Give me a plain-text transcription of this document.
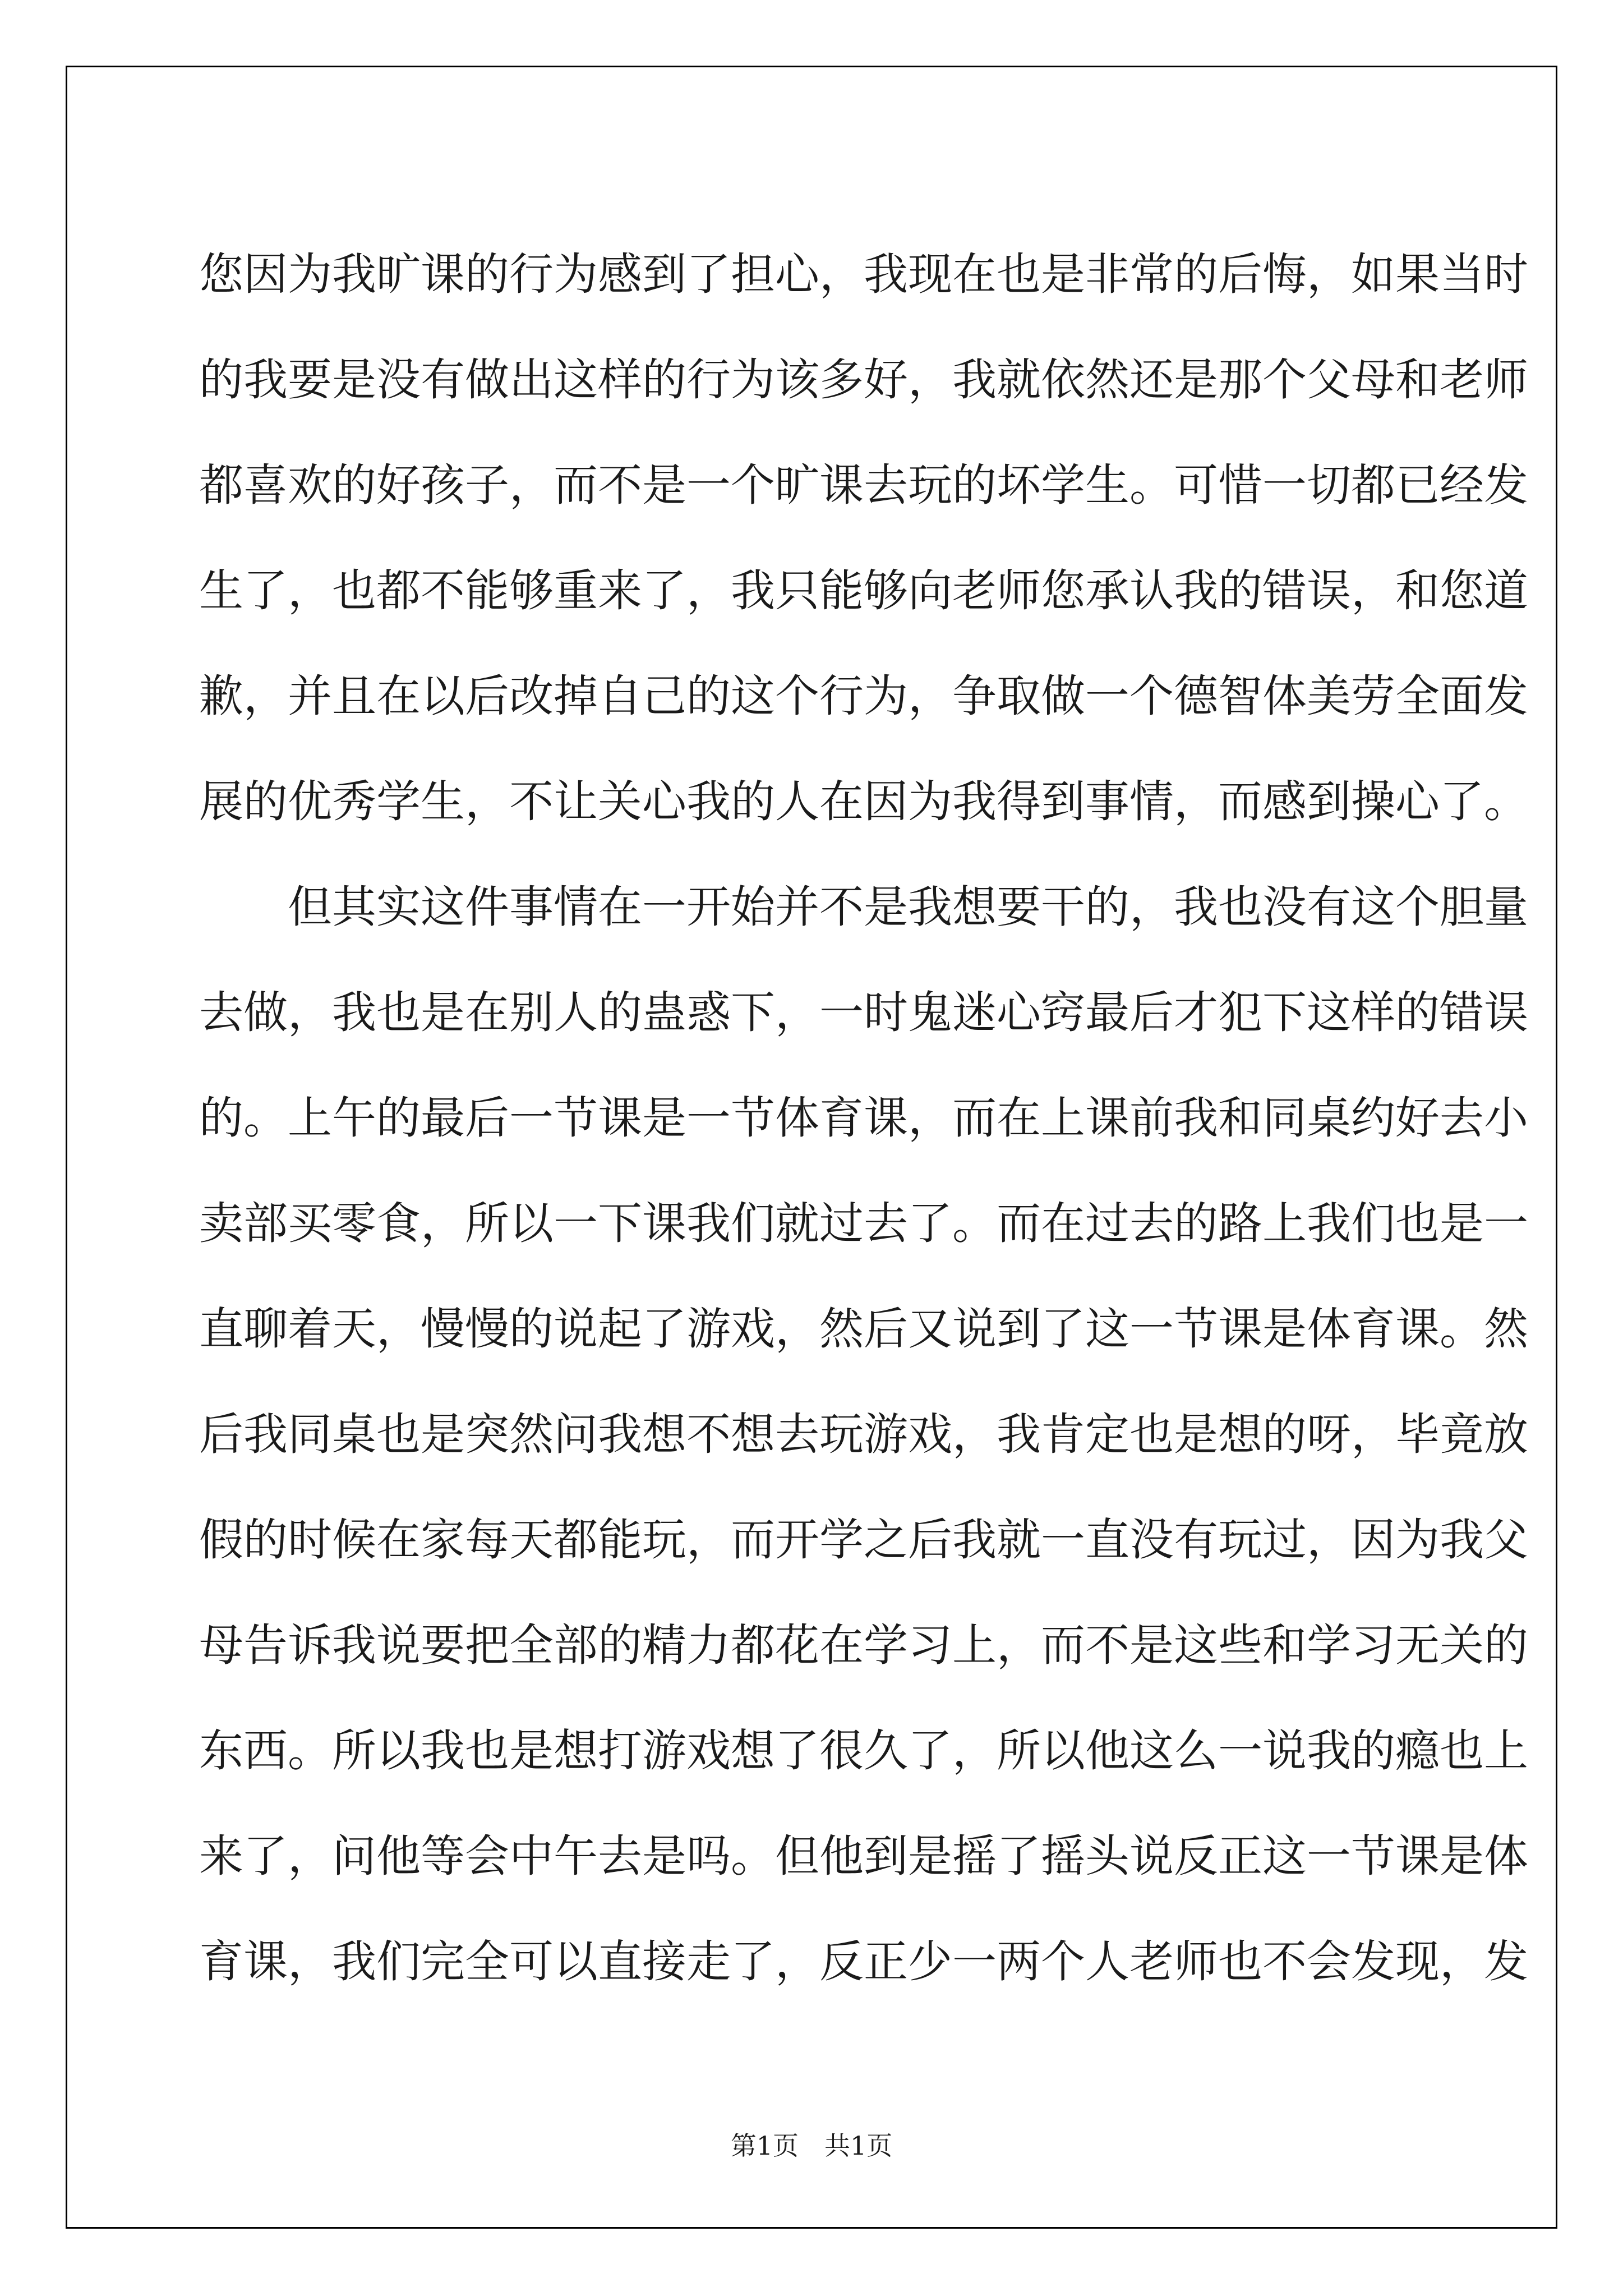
您因为我旷课的行为感到了担心，我现在也是非常的后悔，如果当时
的我要是没有做出这样的行为该多好，我就依然还是那个父母和老师
都喜欢的好孩子，而不是一个旷课去玩的坏学生。可惜一切都已经发
生了，也都不能够重来了，我只能够向老师您承认我的错误，和您道
歉，并且在以后改掉自己的这个行为，争取做一个德智体美劳全面发
展的优秀学生，不让关心我的人在因为我得到事情，而感到操心了。
但其实这件事情在一开始并不是我想要干的，我也没有这个胆量
去做，我也是在别人的蛊惑下，一时鬼迷心窍最后才犯下这样的错误
的。上午的最后一节课是一节体育课，而在上课前我和同桌约好去小
卖部买零食，所以一下课我们就过去了。而在过去的路上我们也是一
直聊着天，慢慢的说起了游戏，然后又说到了这一节课是体育课。然
后我同桌也是突然问我想不想去玩游戏，我肯定也是想的呀，毕竟放
假的时候在家每天都能玩，而开学之后我就一直没有玩过，因为我父
母告诉我说要把全部的精力都花在学习上，而不是这些和学习无关的
东西。所以我也是想打游戏想了很久了，所以他这么一说我的瘾也上
来了，问他等会中午去是吗。但他到是摇了摇头说反正这一节课是体
育课，我们完全可以直接走了，反正少一两个人老师也不会发现，发
第1页　共1页
